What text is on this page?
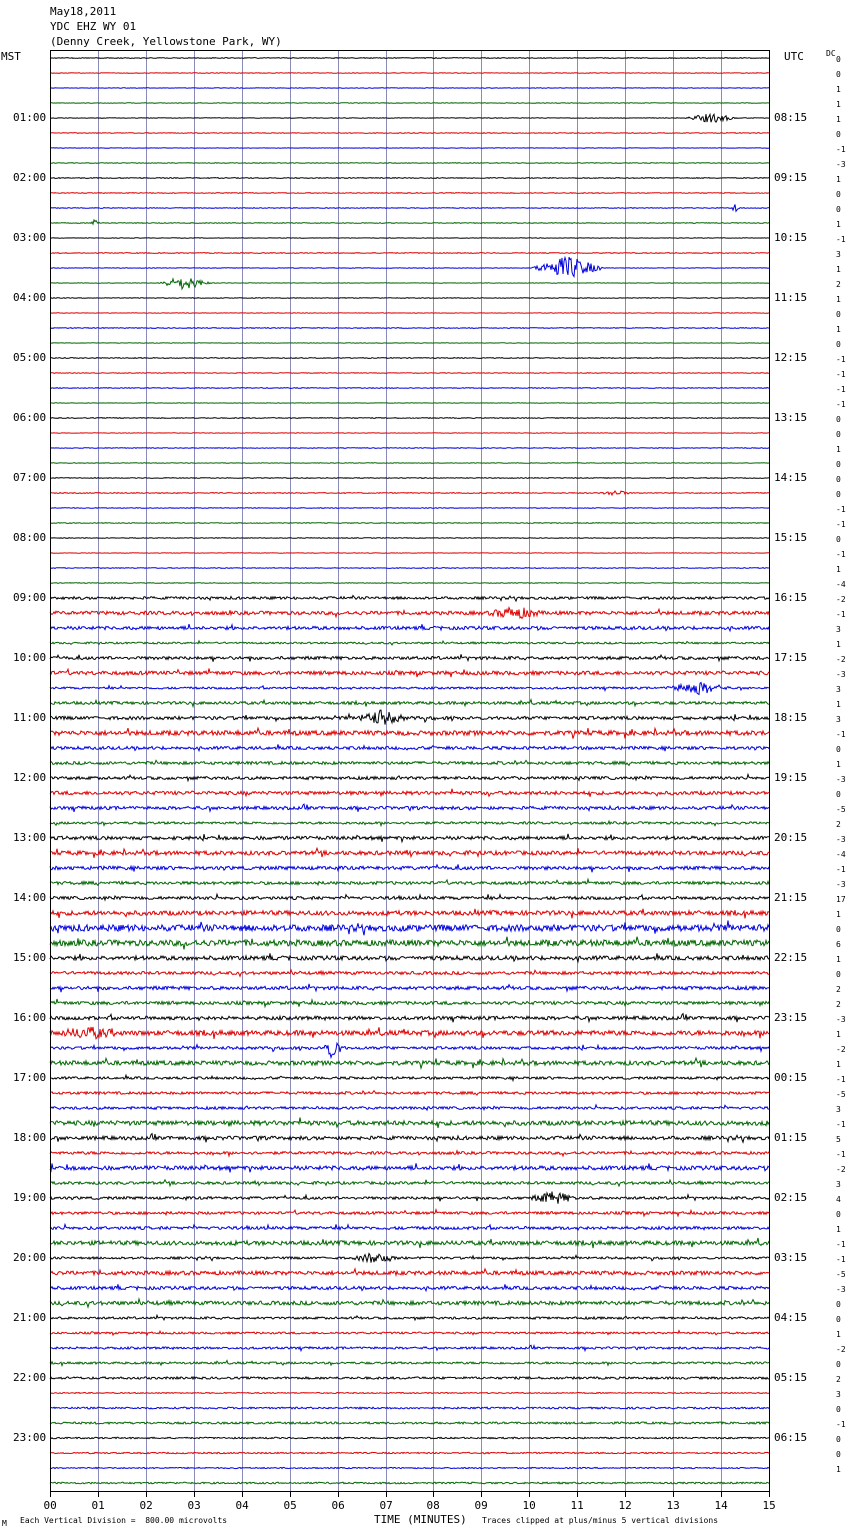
May18,2011
YDC EHZ WY 01
(Denny Creek, Yellowstone Park, WY)
MST	UTC	DC
01:00
02:00
03:00
04:00
05:00
06:00
07:00
08:00
09:00
10:00
11:00
12:00
13:00
14:00
15:00
16:00
17:00
18:00
19:00
20:00
21:00
22:00
23:00
08:15
09:15
10:15
11:15
12:15
13:15
14:15
15:15
16:15
17:15
18:15
19:15
20:15
21:15
22:15
23:15
00:15
01:15
02:15
03:15
04:15
05:15
06:15
0
0
1
1
1
0
-1
-3
1
0
0
1
-1
3
1
2
1
0
1
0
-1
-1
-1
-1
0
0
1
0
0
0
-1
-1
0
-1
1
-4
-2
-1
3
1
-2
-3
3
1
3
-1
0
1
-3
0
-5
2
-3
-4
-1
-3
17
1
0
6
1
0
2
2
-3
1
-2
1
-1
-5
3
-1
5
-1
-2
3
4
0
1
-1
-1
-5
-3
0
0
1
-2
0
2
3
0
-1
0
0
1
00	01	02	03	04	05	06	07	08	09	10	11	12	13	14	15
M Each Vertical Division =  800.00 microvolts	TIME (MINUTES) Traces clipped at plus/minus 5 vertical divisions
